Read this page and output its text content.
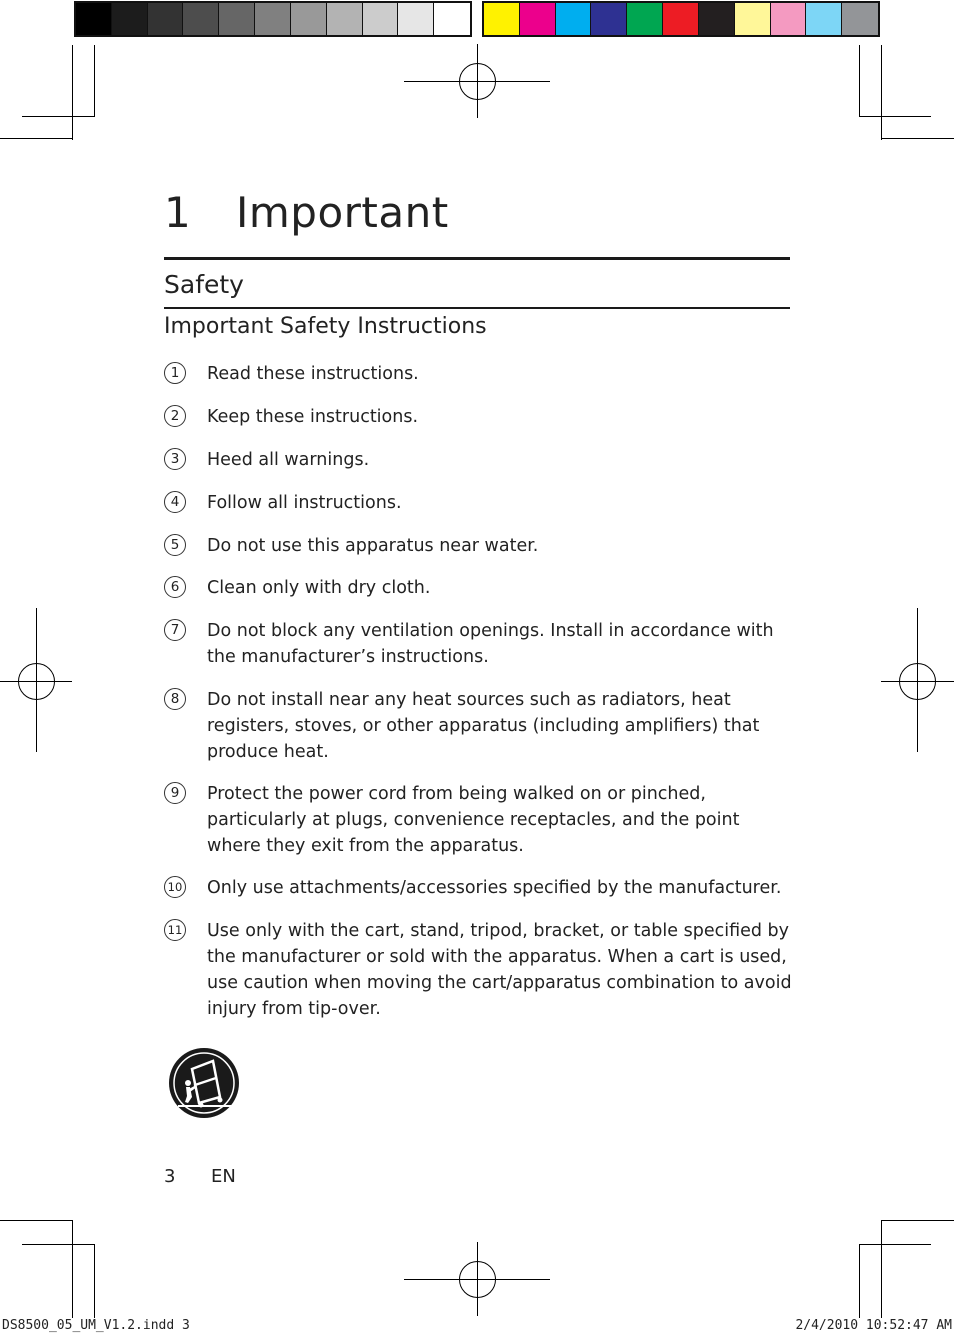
1 Important
Safety
Important Safety Instructions
1	Read these instructions.
2	Keep these instructions.
3	Heed all warnings.
4	Follow all instructions.
5	Do not use this apparatus near water.
6	Clean only with dry cloth.
7	Do not block any ventilation openings. Install in accordance with the manufacturer’s instructions.
8	Do not install near any heat sources such as radiators, heat registers, stoves, or other apparatus (including amplifiers) that produce heat.
9	Protect the power cord from being walked on or pinched, particularly at plugs, convenience receptacles, and the point where they exit from the apparatus.
10 Only use attachments/accessories specified by the manufacturer.
11 Use only with the cart, stand, tripod, bracket, or table specified by the manufacturer or sold with the apparatus. When a cart is used, use caution when moving the cart/apparatus combination to avoid injury from tip-over.
3 EN
DS8500_05_UM_V1.2.indd 3	2/4/2010 10:52:47 AM
